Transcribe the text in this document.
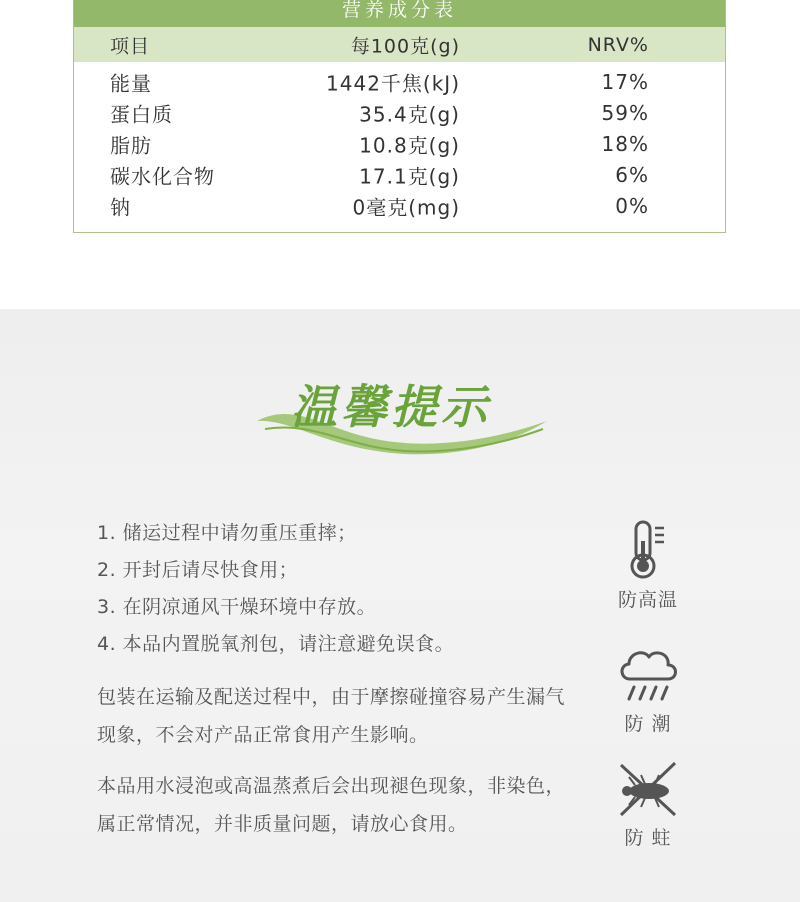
营养成分表
项目	每100克(g)	NRV%
能量	1442千焦(kJ)	17%
蛋白质	35.4克(g)	59%
脂肪	10.8克(g)	18%
碳水化合物	17.1克(g)	6%
钠	0毫克(mg)	0%
温馨提示
1. 储运过程中请勿重压重摔；
2. 开封后请尽快食用；
3. 在阴凉通风干燥环境中存放。
4. 本品内置脱氧剂包，请注意避免误食。
包装在运输及配送过程中，由于摩擦碰撞容易产生漏气现象，不会对产品正常食用产生影响。
本品用水浸泡或高温蒸煮后会出现褪色现象，非染色，属正常情况，并非质量问题，请放心食用。
防高温
防 潮
防 蛀
